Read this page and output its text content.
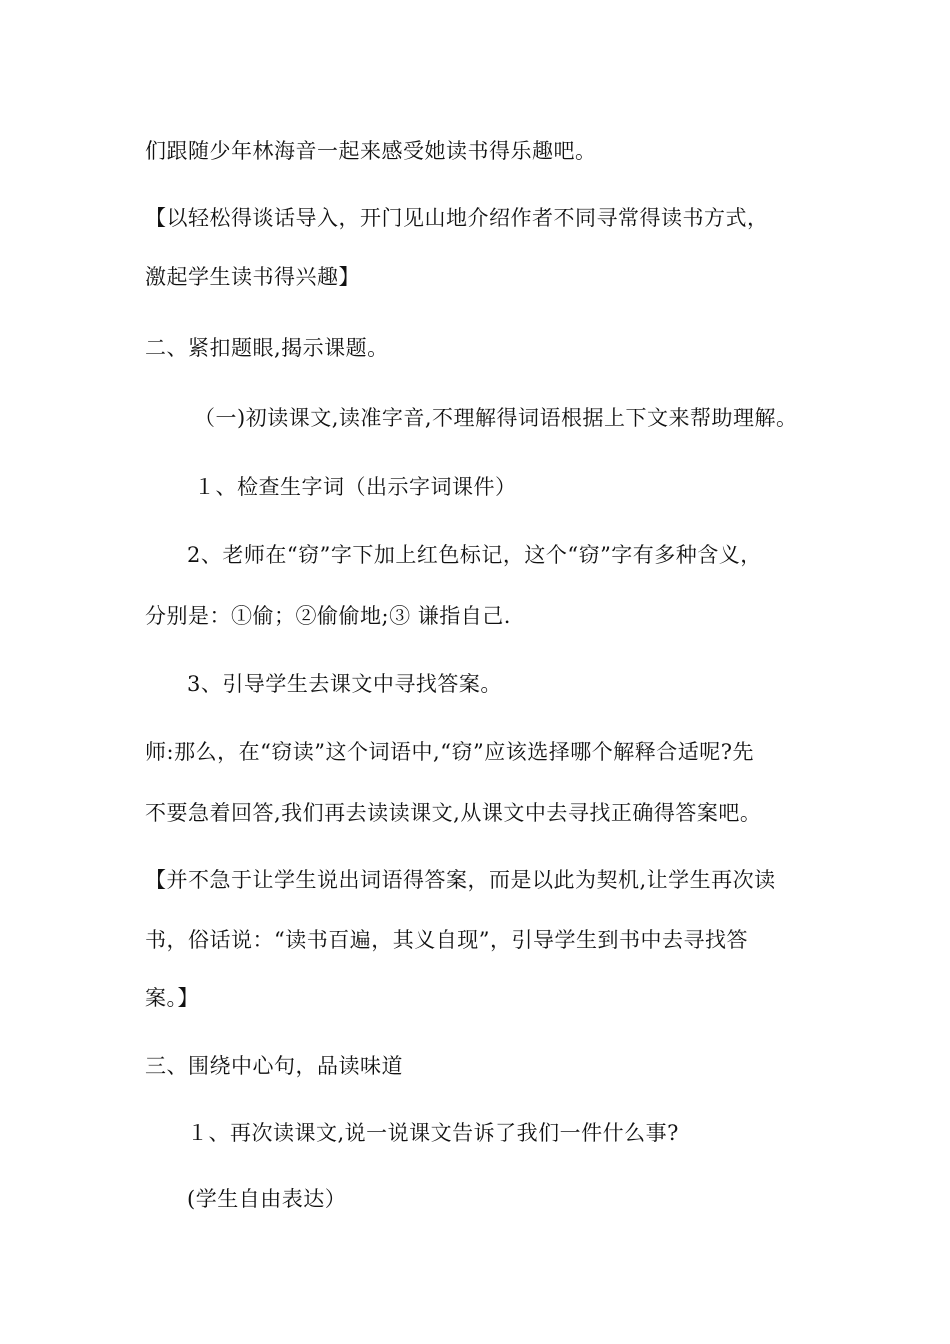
们跟随少年林海音一起来感受她读书得乐趣吧。
【以轻松得谈话导入，开门见山地介绍作者不同寻常得读书方式，
激起学生读书得兴趣】
二、紧扣题眼,揭示课题。
（一)初读课文,读准字音,不理解得词语根据上下文来帮助理解。
１、检查生字词（出示字词课件）
2、老师在“窃”字下加上红色标记，这个“窃”字有多种含义，
分别是：①偷；②偷偷地;③ 谦指自己.
3、引导学生去课文中寻找答案。
师:那么，在“窃读”这个词语中,“窃”应该选择哪个解释合适呢?先
不要急着回答,我们再去读读课文,从课文中去寻找正确得答案吧。
【并不急于让学生说出词语得答案，而是以此为契机,让学生再次读
书，俗话说：“读书百遍，其义自现”，引导学生到书中去寻找答
案。】
三、围绕中心句，品读味道
１、再次读课文,说一说课文告诉了我们一件什么事?
(学生自由表达）
